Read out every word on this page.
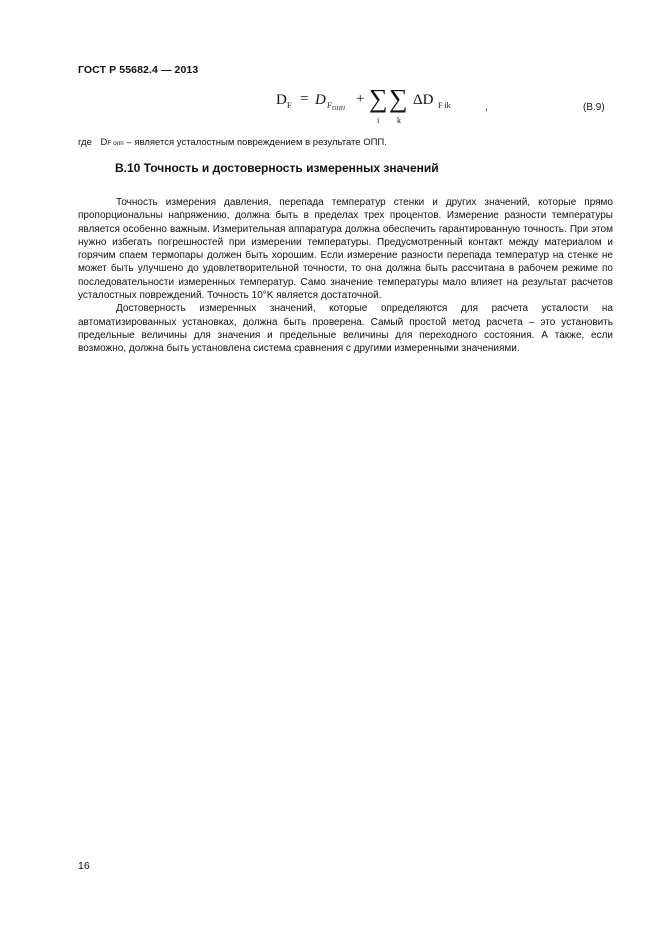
ГОСТ Р 55682.4 — 2013
D F = D F ОПП
+ ∑
i
∑
k
ΔD F ik	,	(B.9)
где DF опп – является усталостным повреждением в результате ОПП.
B.10 Точность и достоверность измеренных значений

Точность измерения давления, перепада температур стенки и других значений, которые прямо пропорциональны напряжению, должна быть в пределах трех процентов. Измерение разности температуры является особенно важным. Измерительная аппаратура должна обеспечить гарантированную точность. При этом нужно избегать погрешностей при измерении температуры. Предусмотренный контакт между материалом и горячим спаем термопары должен быть хорошим. Если измерение разности перепада температур на стенке не может быть улучшено до удовлетворительной точности, то она должна быть рассчитана в рабочем режиме по последовательности измеренных температур. Само значение температуры мало влияет на результат расчетов усталостных повреждений. Точность 10°K является достаточной.

Достоверность измеренных значений, которые определяются для расчета усталости на автоматизированных установках, должна быть проверена. Самый простой метод расчета – это установить предельные величины для значения и предельные величины для переходного состояния. А также, если возможно, должна быть установлена система сравнения с другими измеренными значениями.

16
